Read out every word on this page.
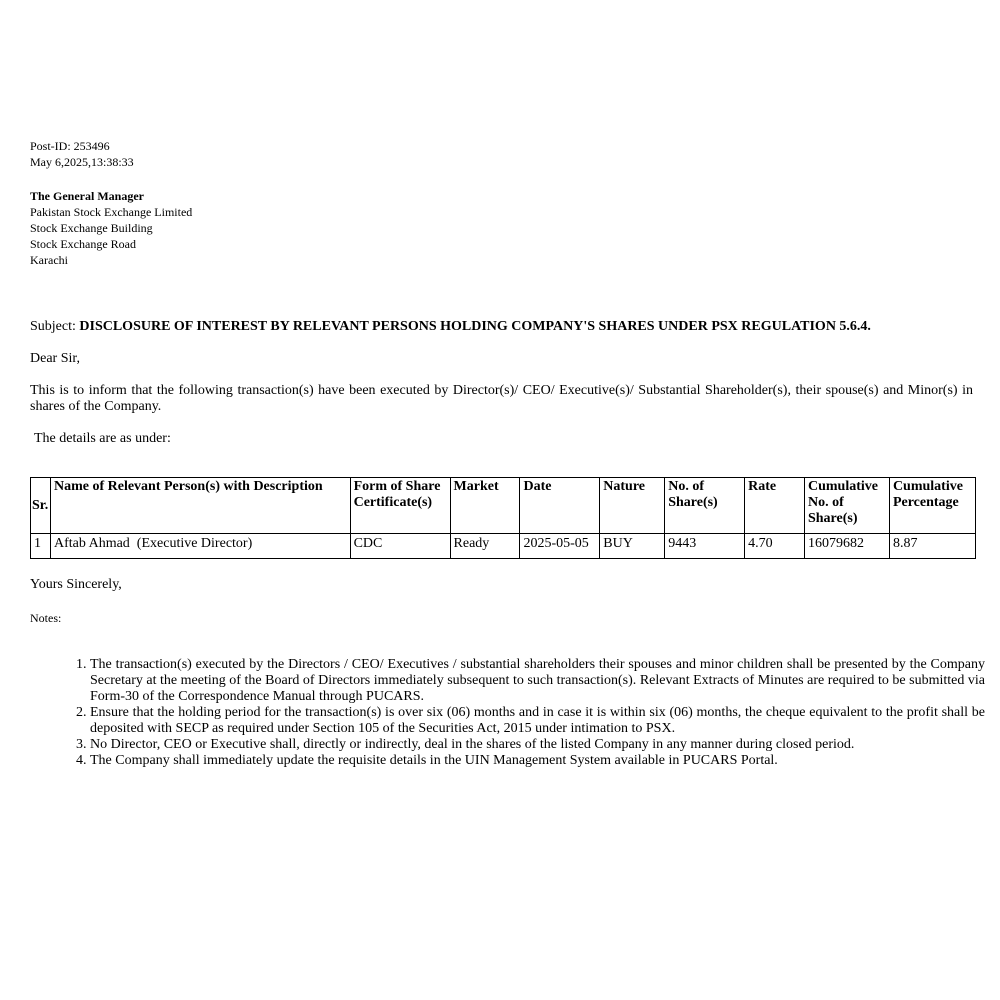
Post-ID: 253496
May 6,2025,13:38:33
The General Manager
Pakistan Stock Exchange Limited
Stock Exchange Building
Stock Exchange Road
Karachi
Subject: DISCLOSURE OF INTEREST BY RELEVANT PERSONS HOLDING COMPANY'S SHARES UNDER PSX REGULATION 5.6.4.
Dear Sir,
This is to inform that the following transaction(s) have been executed by Director(s)/ CEO/ Executive(s)/ Substantial Shareholder(s), their spouse(s) and Minor(s) in shares of the Company.
The details are as under:
Sr.	Name of Relevant Person(s) with Description	Form of Share Certificate(s)	Market	Date	Nature	No. of Share(s)	Rate	Cumulative No. of Share(s)	Cumulative Percentage
1	Aftab Ahmad  (Executive Director)	CDC	Ready	2025-05-05	BUY	9443	4.70	16079682	8.87
Yours Sincerely,
Notes:
1. The transaction(s) executed by the Directors / CEO/ Executives / substantial shareholders their spouses and minor children shall be presented by the Company Secretary at the meeting of the Board of Directors immediately subsequent to such transaction(s). Relevant Extracts of Minutes are required to be submitted via Form-30 of the Correspondence Manual through PUCARS.
2. Ensure that the holding period for the transaction(s) is over six (06) months and in case it is within six (06) months, the cheque equivalent to the profit shall be deposited with SECP as required under Section 105 of the Securities Act, 2015 under intimation to PSX.
3. No Director, CEO or Executive shall, directly or indirectly, deal in the shares of the listed Company in any manner during closed period.
4. The Company shall immediately update the requisite details in the UIN Management System available in PUCARS Portal.
